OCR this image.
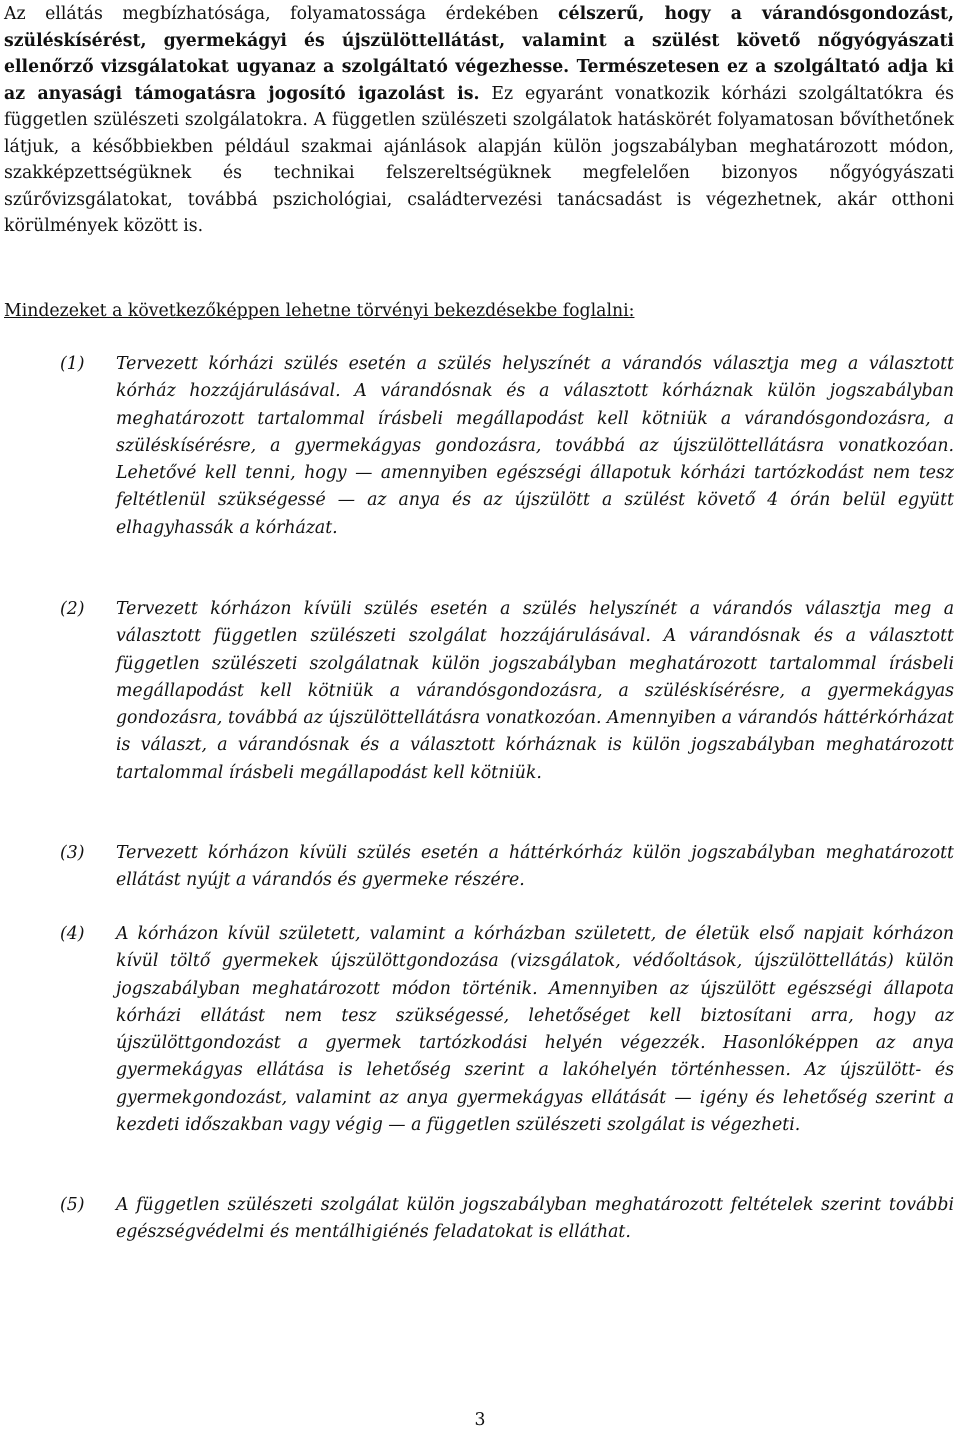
Az ellátás megbízhatósága, folyamatossága érdekében célszerű, hogy a várandósgondozást, szüléskísérést, gyermekágyi és újszülöttellátást, valamint a szülést követő nőgyógyászati ellenőrző vizsgálatokat ugyanaz a szolgáltató végezhesse. Természetesen ez a szolgáltató adja ki az anyasági támogatásra jogosító igazolást is. Ez egyaránt vonatkozik kórházi szolgáltatókra és független szülészeti szolgálatokra. A független szülészeti szolgálatok hatáskörét folyamatosan bővíthetőnek látjuk, a későbbiekben például szakmai ajánlások alapján külön jogszabályban meghatározott módon, szakképzettségüknek és technikai felszereltségüknek megfelelően bizonyos nőgyógyászati szűrővizsgálatokat, továbbá pszichológiai, családtervezési tanácsadást is végezhetnek, akár otthoni körülmények között is.

Mindezeket a következőképpen lehetne törvényi bekezdésekbe foglalni:

(1) Tervezett kórházi szülés esetén a szülés helyszínét a várandós választja meg a választott kórház hozzájárulásával. A várandósnak és a választott kórháznak külön jogszabályban meghatározott tartalommal írásbeli megállapodást kell kötniük a várandósgondozásra, a szüléskísérésre, a gyermekágyas gondozásra, továbbá az újszülöttellátásra vonatkozóan. Lehetővé kell tenni, hogy — amennyiben egészségi állapotuk kórházi tartózkodást nem tesz feltétlenül szükségessé — az anya és az újszülött a szülést követő 4 órán belül együtt elhagyhassák a kórházat.

(2) Tervezett kórházon kívüli szülés esetén a szülés helyszínét a várandós választja meg a választott független szülészeti szolgálat hozzájárulásával. A várandósnak és a választott független szülészeti szolgálatnak külön jogszabályban meghatározott tartalommal írásbeli megállapodást kell kötniük a várandósgondozásra, a szüléskísérésre, a gyermekágyas gondozásra, továbbá az újszülöttellátásra vonatkozóan. Amennyiben a várandós háttérkórházat is választ, a várandósnak és a választott kórháznak is külön jogszabályban meghatározott tartalommal írásbeli megállapodást kell kötniük.

(3) Tervezett kórházon kívüli szülés esetén a háttérkórház külön jogszabályban meghatározott ellátást nyújt a várandós és gyermeke részére.

(4) A kórházon kívül született, valamint a kórházban született, de életük első napjait kórházon kívül töltő gyermekek újszülöttgondozása (vizsgálatok, védőoltások, újszülöttellátás) külön jogszabályban meghatározott módon történik. Amennyiben az újszülött egészségi állapota kórházi ellátást nem tesz szükségessé, lehetőséget kell biztosítani arra, hogy az újszülöttgondozást a gyermek tartózkodási helyén végezzék. Hasonlóképpen az anya gyermekágyas ellátása is lehetőség szerint a lakóhelyén történhessen. Az újszülött- és gyermekgondozást, valamint az anya gyermekágyas ellátását — igény és lehetőség szerint a kezdeti időszakban vagy végig — a független szülészeti szolgálat is végezheti.

(5) A független szülészeti szolgálat külön jogszabályban meghatározott feltételek szerint további egészségvédelmi és mentálhigiénés feladatokat is elláthat.

3
